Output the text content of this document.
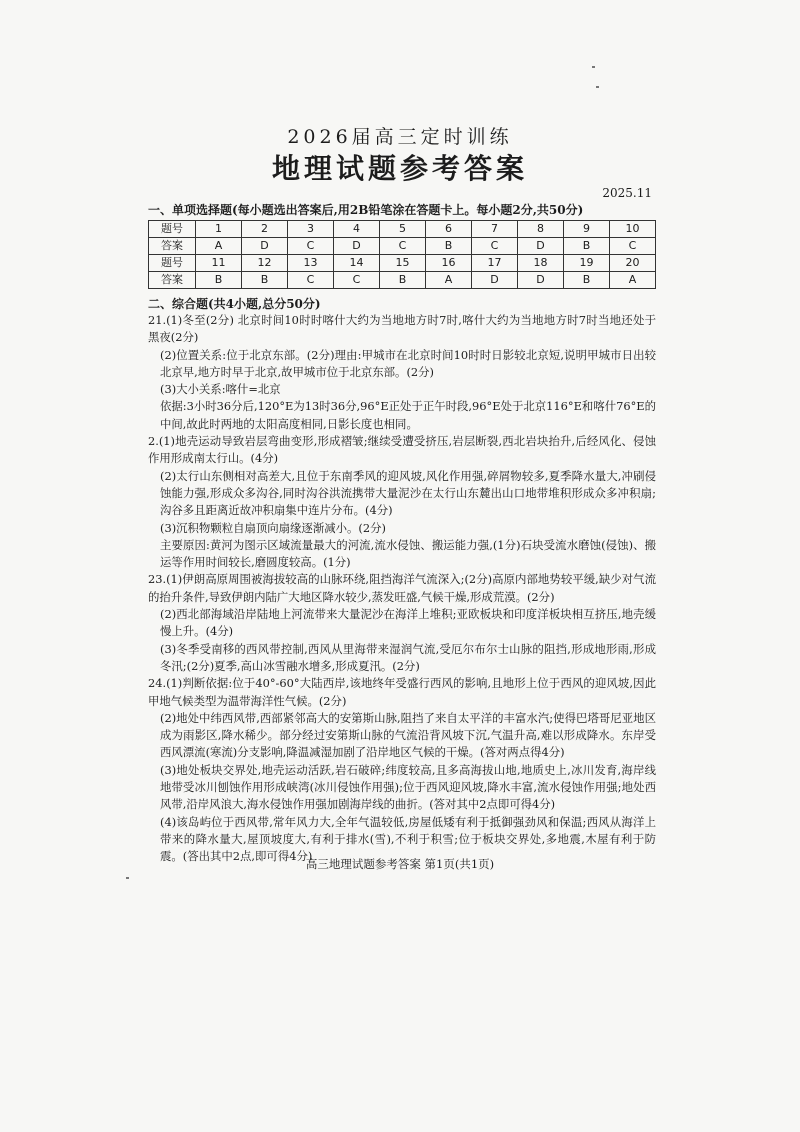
2026届高三定时训练
地理试题参考答案
2025.11
一、单项选择题(每小题选出答案后,用2B铅笔涂在答题卡上。每小题2分,共50分)
题号	1	2	3	4	5	6	7	8	9	10
答案	A	D	C	D	C	B	C	D	B	C
题号	11	12	13	14	15	16	17	18	19	20
答案	B	B	C	C	B	A	D	D	B	A
二、综合题(共4小题,总分50分)

21.(1)冬至(2分) 北京时间10时时喀什大约为当地地方时7时,喀什大约为当地地方时7时当地还处于黑夜(2分)

(2)位置关系:位于北京东部。(2分)理由:甲城市在北京时间10时时日影较北京短,说明甲城市日出较北京早,地方时早于北京,故甲城市位于北京东部。(2分)

(3)大小关系:喀什=北京

依据:3小时36分后,120°E为13时36分,96°E正处于正午时段,96°E处于北京116°E和喀什76°E的中间,故此时两地的太阳高度相同,日影长度也相同。

2.(1)地壳运动导致岩层弯曲变形,形成褶皱;继续受遭受挤压,岩层断裂,西北岩块抬升,后经风化、侵蚀作用形成南太行山。(4分)

(2)太行山东侧相对高差大,且位于东南季风的迎风坡,风化作用强,碎屑物较多,夏季降水量大,冲刷侵蚀能力强,形成众多沟谷,同时沟谷洪流携带大量泥沙在太行山东麓出山口地带堆积形成众多冲积扇;沟谷多且距离近故冲积扇集中连片分布。(4分)

(3)沉积物颗粒自扇顶向扇缘逐渐减小。(2分)

主要原因:黄河为图示区域流量最大的河流,流水侵蚀、搬运能力强,(1分)石块受流水磨蚀(侵蚀)、搬运等作用时间较长,磨圆度较高。(1分)

23.(1)伊朗高原周围被海拔较高的山脉环绕,阻挡海洋气流深入;(2分)高原内部地势较平缓,缺少对气流的抬升条件,导致伊朗内陆广大地区降水较少,蒸发旺盛,气候干燥,形成荒漠。(2分)

(2)西北部海域沿岸陆地上河流带来大量泥沙在海洋上堆积;亚欧板块和印度洋板块相互挤压,地壳缓慢上升。(4分)

(3)冬季受南移的西风带控制,西风从里海带来湿润气流,受厄尔布尔士山脉的阻挡,形成地形雨,形成冬汛;(2分)夏季,高山冰雪融水增多,形成夏汛。(2分)

24.(1)判断依据:位于40°-60°大陆西岸,该地终年受盛行西风的影响,且地形上位于西风的迎风坡,因此甲地气候类型为温带海洋性气候。(2分)

(2)地处中纬西风带,西部紧邻高大的安第斯山脉,阻挡了来自太平洋的丰富水汽;使得巴塔哥尼亚地区成为雨影区,降水稀少。部分经过安第斯山脉的气流沿背风坡下沉,气温升高,难以形成降水。东岸受西风漂流(寒流)分支影响,降温减湿加剧了沿岸地区气候的干燥。(答对两点得4分)

(3)地处板块交界处,地壳运动活跃,岩石破碎;纬度较高,且多高海拔山地,地质史上,冰川发育,海岸线地带受冰川刨蚀作用形成峡湾(冰川侵蚀作用强);位于西风迎风坡,降水丰富,流水侵蚀作用强;地处西风带,沿岸风浪大,海水侵蚀作用强加剧海岸线的曲折。(答对其中2点即可得4分)

(4)该岛屿位于西风带,常年风力大,全年气温较低,房屋低矮有利于抵御强劲风和保温;西风从海洋上带来的降水量大,屋顶坡度大,有利于排水(雪),不利于积雪;位于板块交界处,多地震,木屋有利于防震。(答出其中2点,即可得4分)

高三地理试题参考答案 第1页(共1页)
